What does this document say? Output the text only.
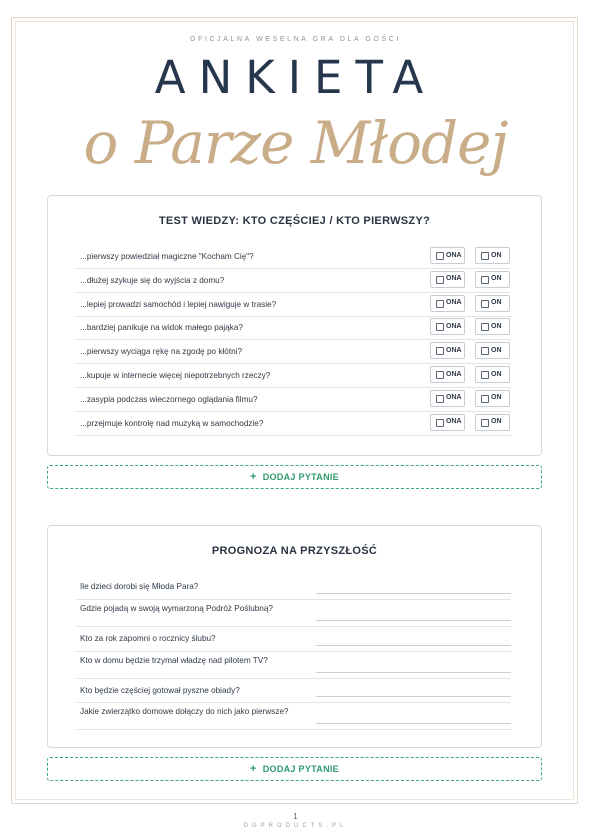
OFICJALNA WESELNA GRA DLA GOŚCI
ANKIETA
o Parze Młodej
TEST WIEDZY: KTO CZĘŚCIEJ / KTO PIERWSZY?
...pierwszy powiedział magiczne "Kocham Cię"?	ONA	ON
...dłużej szykuje się do wyjścia z domu?	ONA	ON
...lepiej prowadzi samochód i lepiej nawiguje w trasie?	ONA	ON
...bardziej panikuje na widok małego pająka?	ONA	ON
...pierwszy wyciąga rękę na zgodę po kłótni?	ONA	ON
...kupuje w internecie więcej niepotrzebnych rzeczy?	ONA	ON
...zasypia podczas wieczornego oglądania filmu?	ONA	ON
...przejmuje kontrolę nad muzyką w samochodzie?	ONA	ON
+ DODAJ PYTANIE
PROGNOZA NA PRZYSZŁOŚĆ
Ile dzieci dorobi się Młoda Para?
Gdzie pojadą w swoją wymarzoną Podróż Poślubną?
Kto za rok zapomni o rocznicy ślubu?
Kto w domu będzie trzymał władzę nad pilotem TV?
Kto będzie częściej gotował pyszne obiady?
Jakie zwierzątko domowe dołączy do nich jako pierwsze?
+ DODAJ PYTANIE
1
DGPRODUCTS.PL
